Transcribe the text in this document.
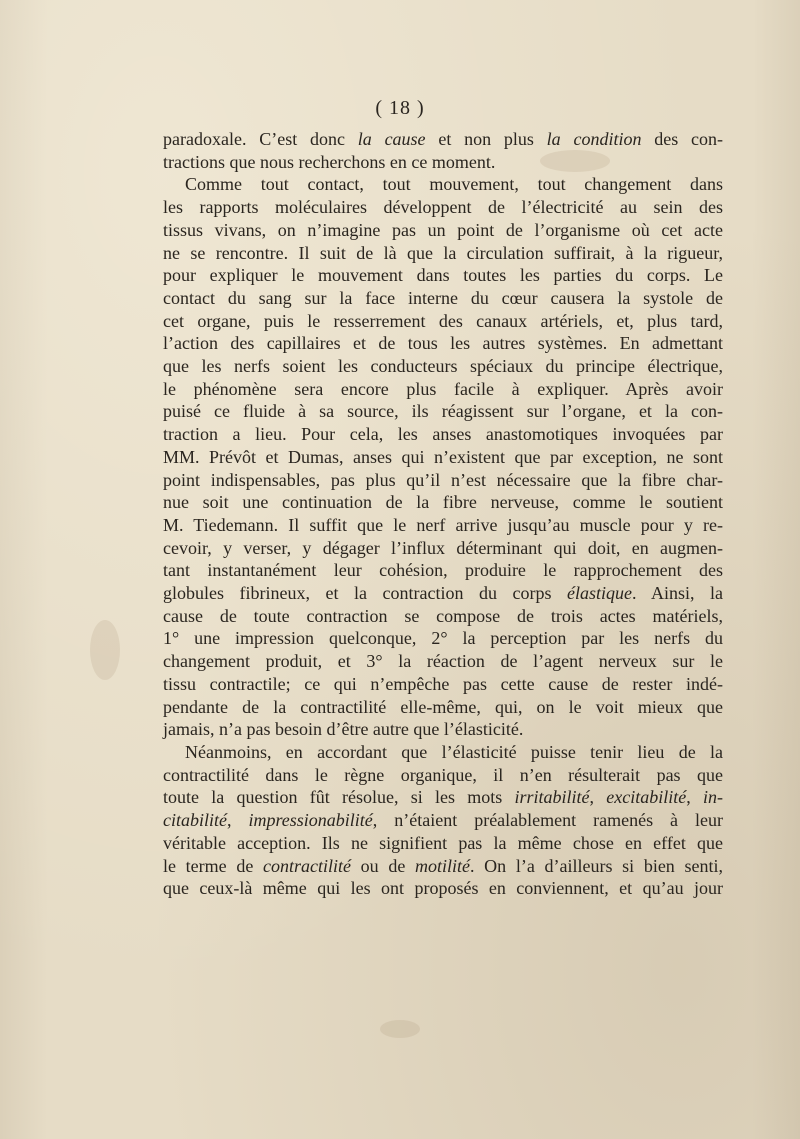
( 18 )
paradoxale. C’est donc la cause et non plus la condition des con-
tractions que nous recherchons en ce moment.
Comme tout contact, tout mouvement, tout changement dans
les rapports moléculaires développent de l’électricité au sein des
tissus vivans, on n’imagine pas un point de l’organisme où cet acte
ne se rencontre. Il suit de là que la circulation suffirait, à la rigueur,
pour expliquer le mouvement dans toutes les parties du corps. Le
contact du sang sur la face interne du cœur causera la systole de
cet organe, puis le resserrement des canaux artériels, et, plus tard,
l’action des capillaires et de tous les autres systèmes. En admettant
que les nerfs soient les conducteurs spéciaux du principe électrique,
le phénomène sera encore plus facile à expliquer. Après avoir
puisé ce fluide à sa source, ils réagissent sur l’organe, et la con-
traction a lieu. Pour cela, les anses anastomotiques invoquées par
MM. Prévôt et Dumas, anses qui n’existent que par exception, ne sont
point indispensables, pas plus qu’il n’est nécessaire que la fibre char-
nue soit une continuation de la fibre nerveuse, comme le soutient
M. Tiedemann. Il suffit que le nerf arrive jusqu’au muscle pour y re-
cevoir, y verser, y dégager l’influx déterminant qui doit, en augmen-
tant instantanément leur cohésion, produire le rapprochement des
globules fibrineux, et la contraction du corps élastique. Ainsi, la
cause de toute contraction se compose de trois actes matériels,
1° une impression quelconque, 2° la perception par les nerfs du
changement produit, et 3° la réaction de l’agent nerveux sur le
tissu contractile; ce qui n’empêche pas cette cause de rester indé-
pendante de la contractilité elle-même, qui, on le voit mieux que
jamais, n’a pas besoin d’être autre que l’élasticité.
Néanmoins, en accordant que l’élasticité puisse tenir lieu de la
contractilité dans le règne organique, il n’en résulterait pas que
toute la question fût résolue, si les mots irritabilité, excitabilité, in-
citabilité, impressionabilité, n’étaient préalablement ramenés à leur
véritable acception. Ils ne signifient pas la même chose en effet que
le terme de contractilité ou de motilité. On l’a d’ailleurs si bien senti,
que ceux-là même qui les ont proposés en conviennent, et qu’au jour
